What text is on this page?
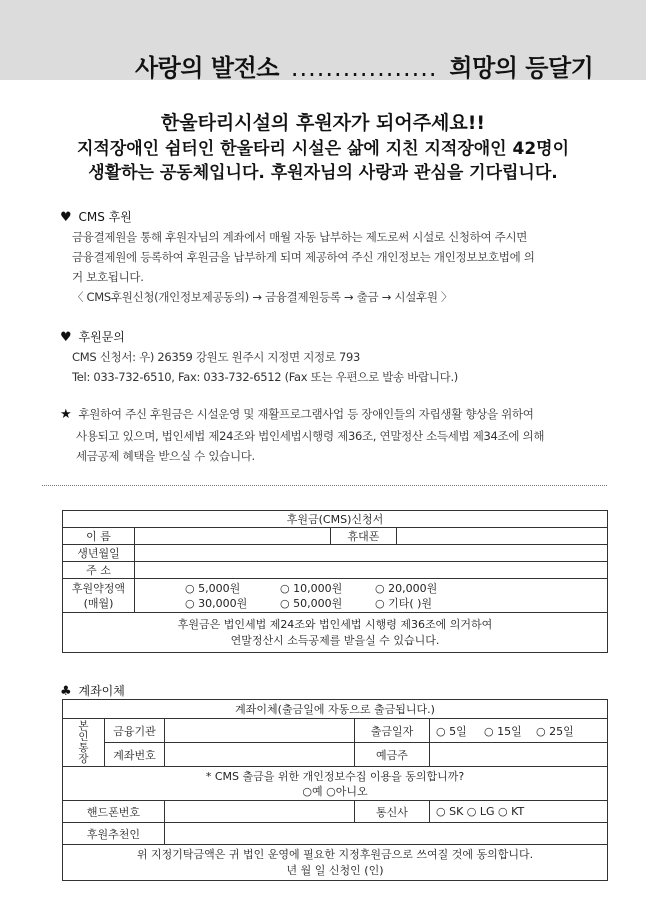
사랑의 발전소 ................. 희망의 등달기
한울타리시설의 후원자가 되어주세요!!
지적장애인 쉼터인 한울타리 시설은 삶에 지친 지적장애인 42명이
생활하는 공동체입니다. 후원자님의 사랑과 관심을 기다립니다.
♥ CMS 후원
금융결제원을 통해 후원자님의 계좌에서 매월 자동 납부하는 제도로써 시설로 신청하여 주시면
금융결제원에 등록하여 후원금을 납부하게 되며 제공하여 주신 개인정보는 개인정보보호법에 의
거 보호됩니다.
〈 CMS후원신청(개인정보제공동의) → 금융결제원등록 → 출금 → 시설후원 〉
♥ 후원문의
CMS 신청서: 우) 26359 강원도 원주시 지정면 지정로 793
Tel: 033-732-6510, Fax: 033-732-6512 (Fax 또는 우편으로 발송 바랍니다.)
★ 후원하여 주신 후원금은 시설운영 및 재활프로그램사업 등 장애인들의 자립생활 향상을 위하여
사용되고 있으며, 법인세법 제24조와 법인세법시행령 제36조, 연말정산 소득세법 제34조에 의해
세금공제 혜택을 받으실 수 있습니다.
후원금(CMS)신청서			
이 름		휴대폰	
생년월일			
주 소			
후원약정액
(매월)	○ 5,000원 ○ 10,000원 ○ 20,000원
○ 30,000원 ○ 50,000원 ○ 기타( )원		
후원금은 법인세법 제24조와 법인세법 시행령 제36조에 의거하여
연말정산시 소득공제를 받을실 수 있습니다.			
♣ 계좌이체
계좌이체(출금일에 자동으로 출금됩니다.)				

본
인
통
장	금융기관		출금일자	○ 5일 ○ 15일 ○ 25일
	계좌번호		예금주	
* CMS 출금을 위한 개인정보수집 이용을 동의합니까?
○예 ○아니오				
핸드폰번호			통신사	○ SK ○ LG ○ KT
후원추천인				
위 지정기탁금액은 귀 법인 운영에 필요한 지정후원금으로 쓰여질 것에 동의합니다.
년 월 일 신청인 (인)				
